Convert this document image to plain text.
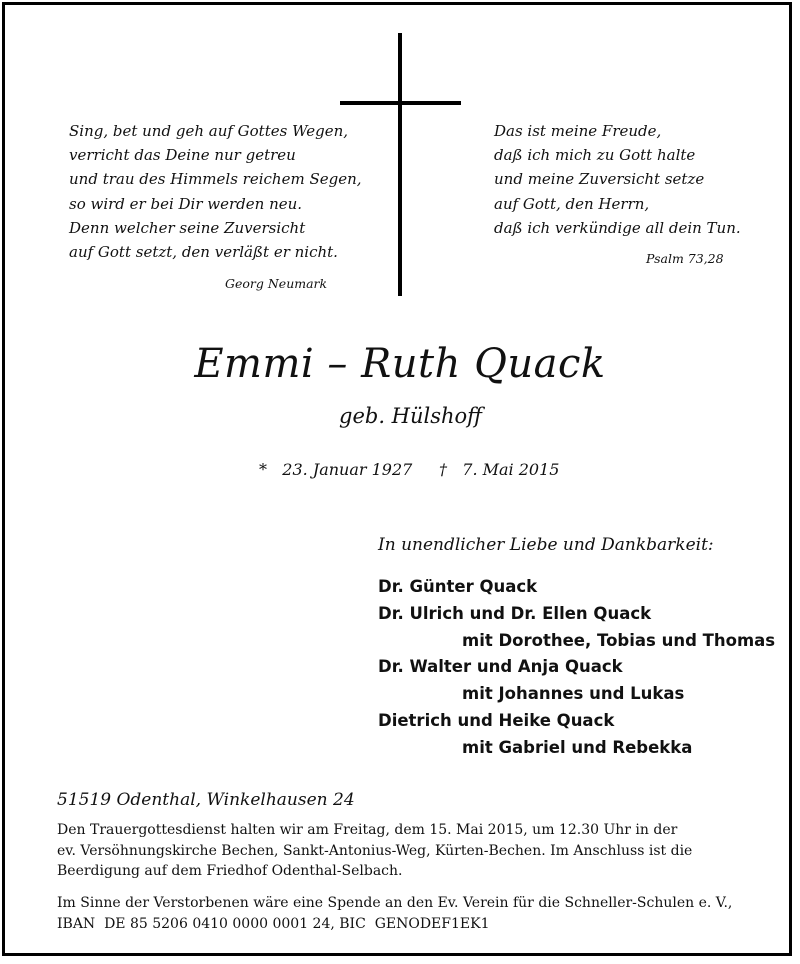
Sing, bet und geh auf Gottes Wegen,
verricht das Deine nur getreu
und trau des Himmels reichem Segen,
so wird er bei Dir werden neu.
Denn welcher seine Zuversicht
auf Gott setzt, den verläßt er nicht.
Georg Neumark
Das ist meine Freude,
daß ich mich zu Gott halte
und meine Zuversicht setze
auf Gott, den Herrn,
daß ich verkündige all dein Tun.
Psalm 73,28
Emmi – Ruth Quack
geb. Hülshoff
*   23. Januar 1927 †   7. Mai 2015
In unendlicher Liebe und Dankbarkeit:
Dr. Günter Quack
Dr. Ulrich und Dr. Ellen Quack
mit Dorothee, Tobias und Thomas
Dr. Walter und Anja Quack
mit Johannes und Lukas
Dietrich und Heike Quack
mit Gabriel und Rebekka
51519 Odenthal, Winkelhausen 24
Den Trauergottesdienst halten wir am Freitag, dem 15. Mai 2015, um 12.30 Uhr in der
ev. Versöhnungskirche Bechen, Sankt-Antonius-Weg, Kürten-Bechen. Im Anschluss ist die
Beerdigung auf dem Friedhof Odenthal-Selbach.
Im Sinne der Verstorbenen wäre eine Spende an den Ev. Verein für die Schneller-Schulen e. V.,
IBAN  DE 85 5206 0410 0000 0001 24, BIC  GENODEF1EK1
